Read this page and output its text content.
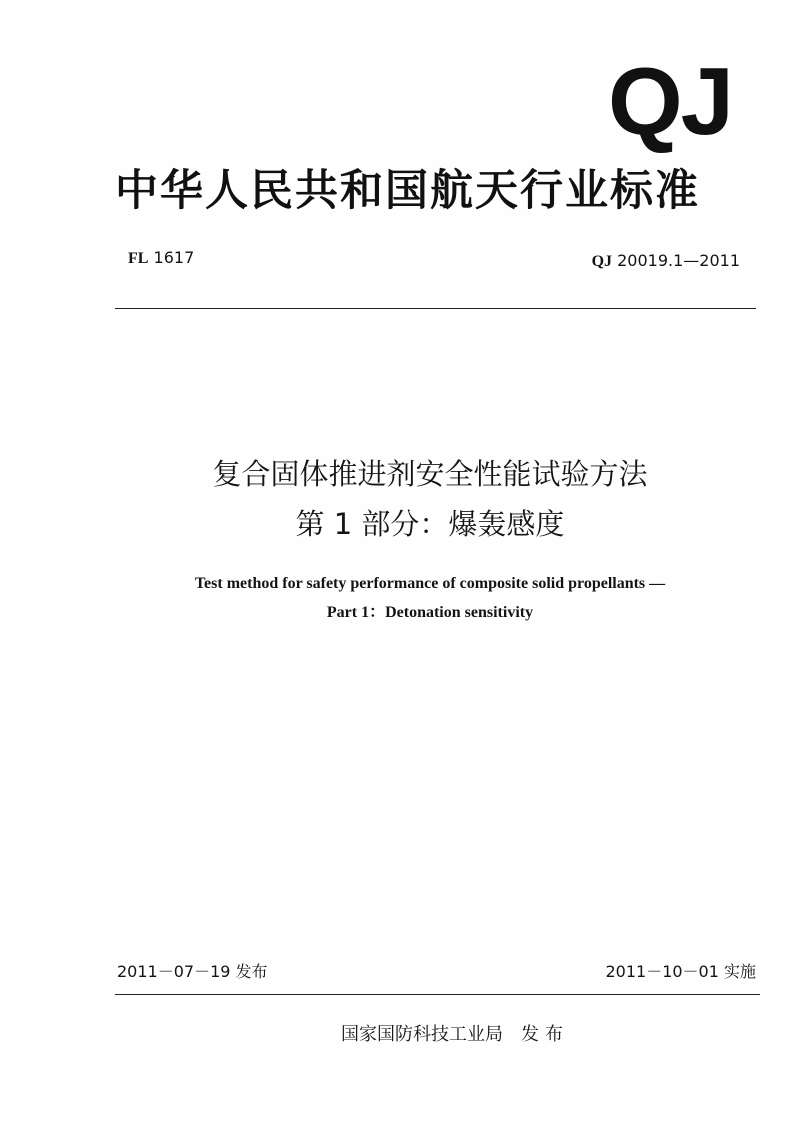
QJ
中华人民共和国航天行业标准
FL 1617	QJ 20019.1—2011
复合固体推进剂安全性能试验方法
第 1 部分：爆轰感度
Test method for safety performance of composite solid propellants —
Part 1：Detonation sensitivity
2011－07－19 发布	2011－10－01 实施
国家国防科技工业局 发布
